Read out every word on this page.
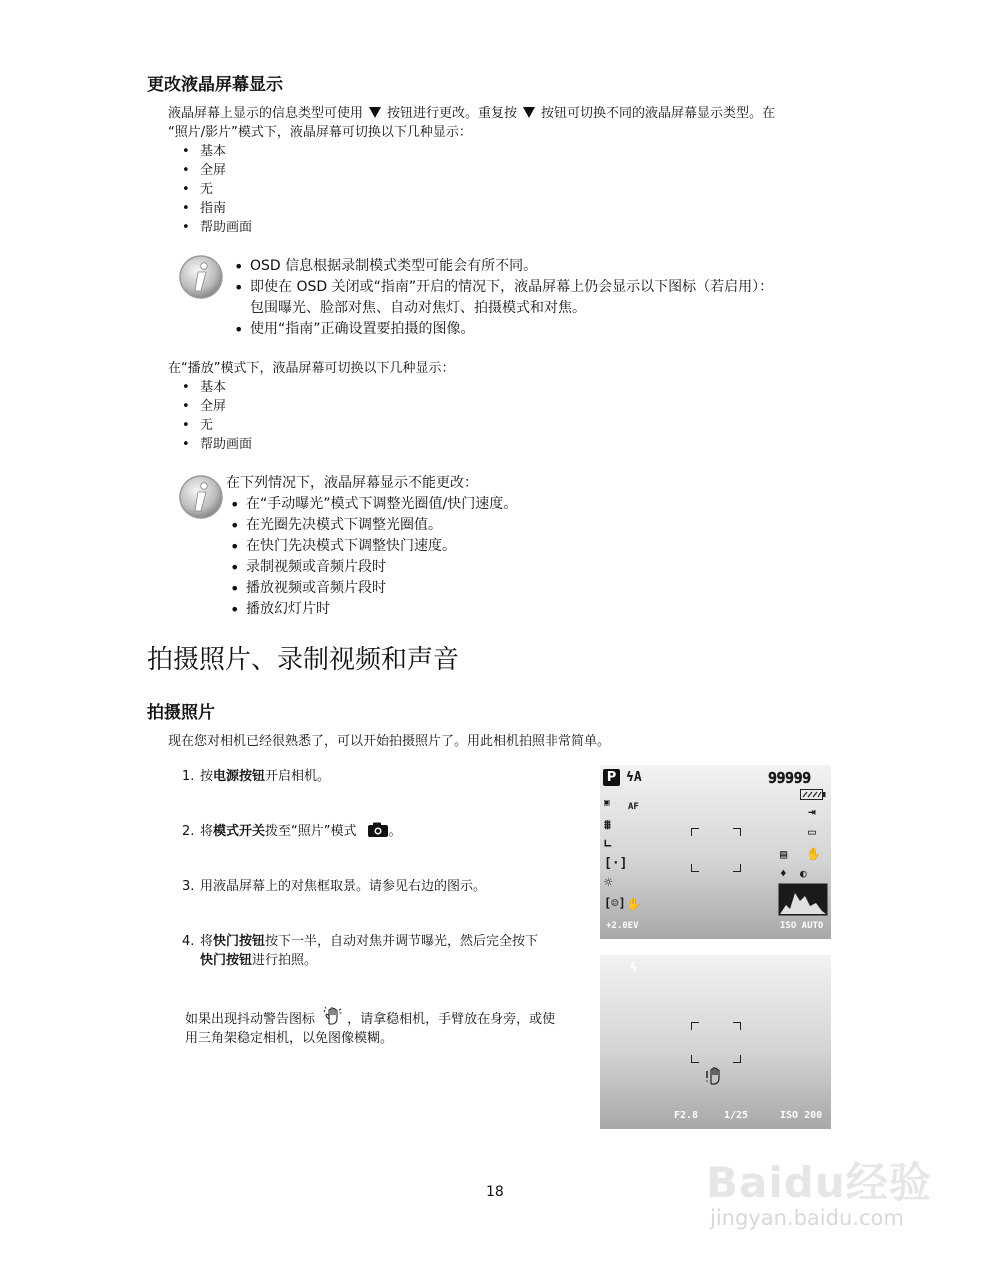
更改液晶屏幕显示
液晶屏幕上显示的信息类型可使用 按钮进行更改。重复按 按钮可切换不同的液晶屏幕显示类型。在
“照片/影片”模式下，液晶屏幕可切换以下几种显示：
• 基本
• 全屏
• 无
• 指南
• 帮助画面
• OSD 信息根据录制模式类型可能会有所不同。
• 即使在 OSD 关闭或“指南”开启的情况下，液晶屏幕上仍会显示以下图标（若启用）：
包围曝光、脸部对焦、自动对焦灯、拍摄模式和对焦。
• 使用“指南”正确设置要拍摄的图像。
在“播放”模式下，液晶屏幕可切换以下几种显示：
• 基本
• 全屏
• 无
• 帮助画面
在下列情况下，液晶屏幕显示不能更改：
• 在“手动曝光”模式下调整光圈值/快门速度。
• 在光圈先决模式下调整光圈值。
• 在快门先决模式下调整快门速度。
• 录制视频或音频片段时
• 播放视频或音频片段时
• 播放幻灯片时
拍摄照片、录制视频和声音
拍摄照片
现在您对相机已经很熟悉了，可以开始拍摄照片了。用此相机拍照非常简单。
1. 按电源按钮开启相机。
2. 将模式开关拨至“照片”模式 。
3. 用液晶屏幕上的对焦框取景。请参见右边的图示。
4. 将快门按钮按下一半，自动对焦并调节曝光，然后完全按下
快门按钮进行拍照。
如果出现抖动警告图标 ，请拿稳相机，手臂放在身旁，或使
用三角架稳定相机，以免图像模糊。
P ϟA	99999
▣ AF
⩩
∟
[·]
☼
[☺] ✋
⇥
▭
▤ ✋
♦ ◐
+2.0EV	ISO AUTO
ϟ
F2.8	1/25	ISO 200
18	Baidu经验
jingyan.baidu.com
